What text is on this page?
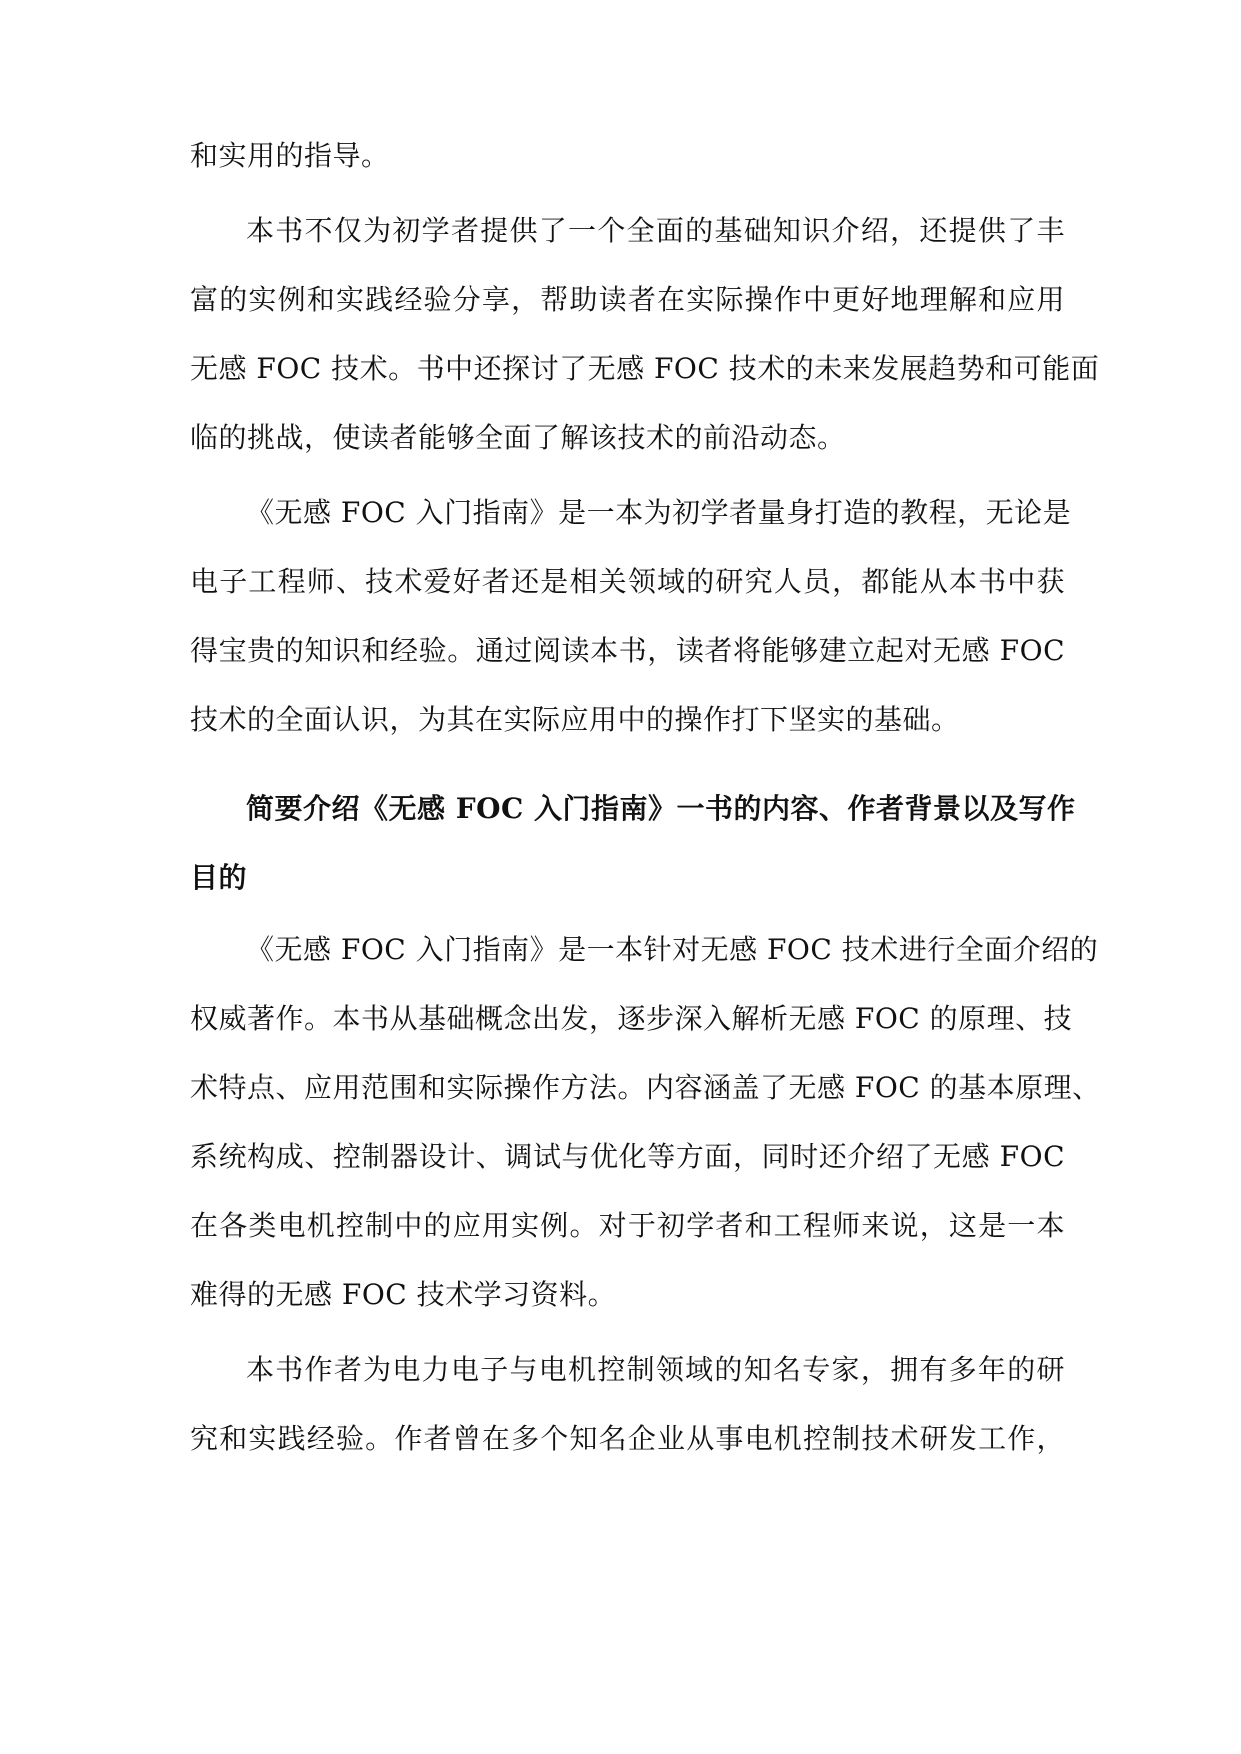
和实用的指导。
本书不仅为初学者提供了一个全面的基础知识介绍，还提供了丰
富的实例和实践经验分享，帮助读者在实际操作中更好地理解和应用
无感 FOC 技术。书中还探讨了无感 FOC 技术的未来发展趋势和可能面
临的挑战，使读者能够全面了解该技术的前沿动态。
《无感 FOC 入门指南》是一本为初学者量身打造的教程，无论是
电子工程师、技术爱好者还是相关领域的研究人员，都能从本书中获
得宝贵的知识和经验。通过阅读本书，读者将能够建立起对无感 FOC
技术的全面认识，为其在实际应用中的操作打下坚实的基础。
简要介绍《无感 FOC 入门指南》一书的内容、作者背景以及写作
目的
《无感 FOC 入门指南》是一本针对无感 FOC 技术进行全面介绍的
权威著作。本书从基础概念出发，逐步深入解析无感 FOC 的原理、技
术特点、应用范围和实际操作方法。内容涵盖了无感 FOC 的基本原理、
系统构成、控制器设计、调试与优化等方面，同时还介绍了无感 FOC
在各类电机控制中的应用实例。对于初学者和工程师来说，这是一本
难得的无感 FOC 技术学习资料。
本书作者为电力电子与电机控制领域的知名专家，拥有多年的研
究和实践经验。作者曾在多个知名企业从事电机控制技术研发工作，
